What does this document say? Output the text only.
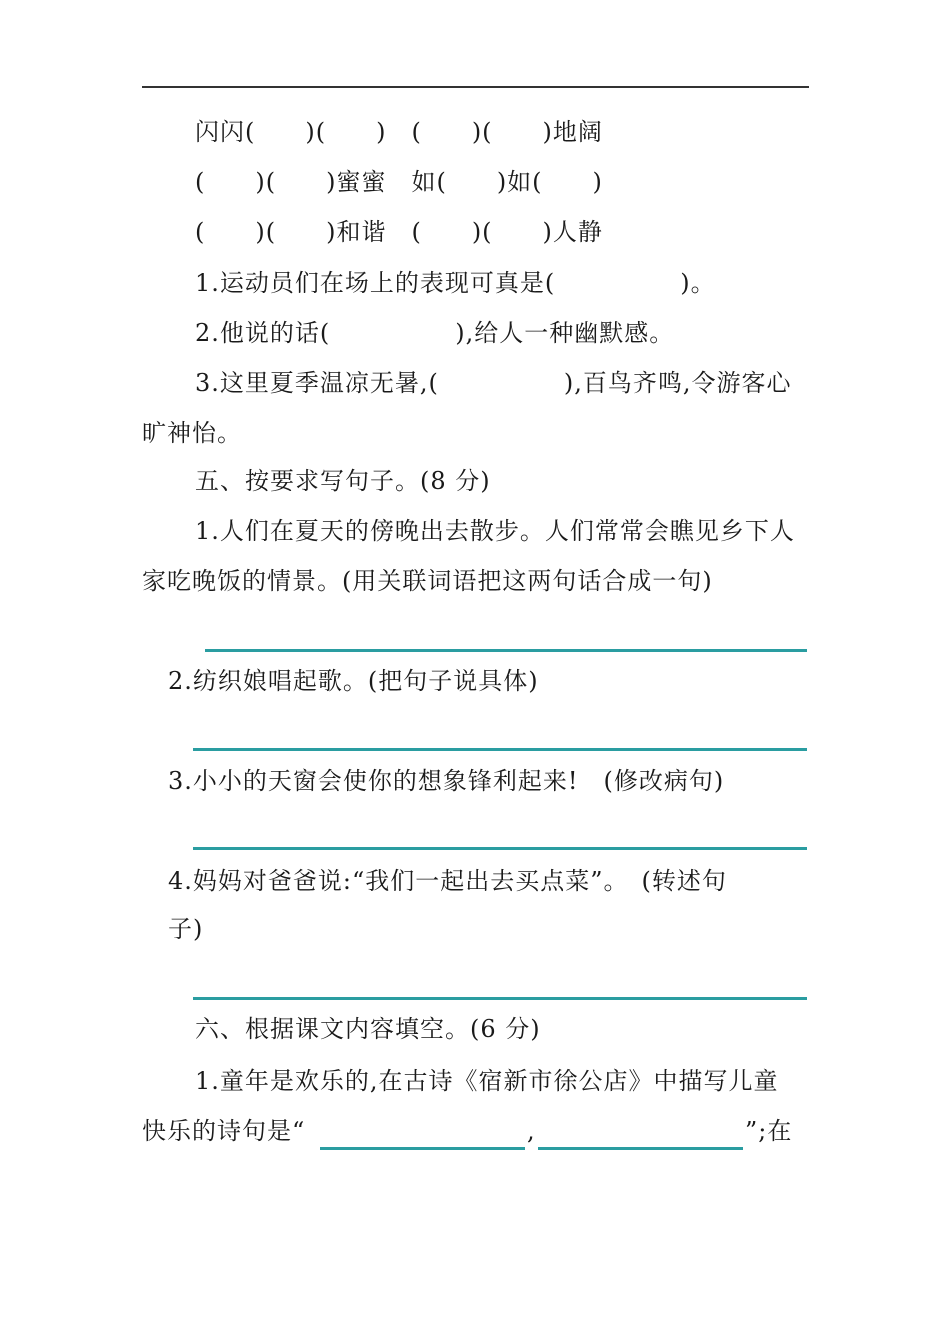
闪闪(　　)(　　)　(　　)(　　)地阔
(　　)(　　)蜜蜜　如(　　)如(　　)
(　　)(　　)和谐　(　　)(　　)人静
1.运动员们在场上的表现可真是(　　　　　)。
2.他说的话(　　　　　),给人一种幽默感。
3.这里夏季温凉无暑,(　　　　　),百鸟齐鸣,令游客心
旷神怡。
五、按要求写句子。(8 分)
1.人们在夏天的傍晚出去散步。人们常常会瞧见乡下人
家吃晚饭的情景。(用关联词语把这两句话合成一句)
2.纺织娘唱起歌。(把句子说具体)
3.小小的天窗会使你的想象锋利起来!　(修改病句)
4.妈妈对爸爸说:“我们一起出去买点菜”。　(转述句
子)
六、根据课文内容填空。(6 分)
1.童年是欢乐的,在古诗《宿新市徐公店》中描写儿童
快乐的诗句是“	,	”;在
